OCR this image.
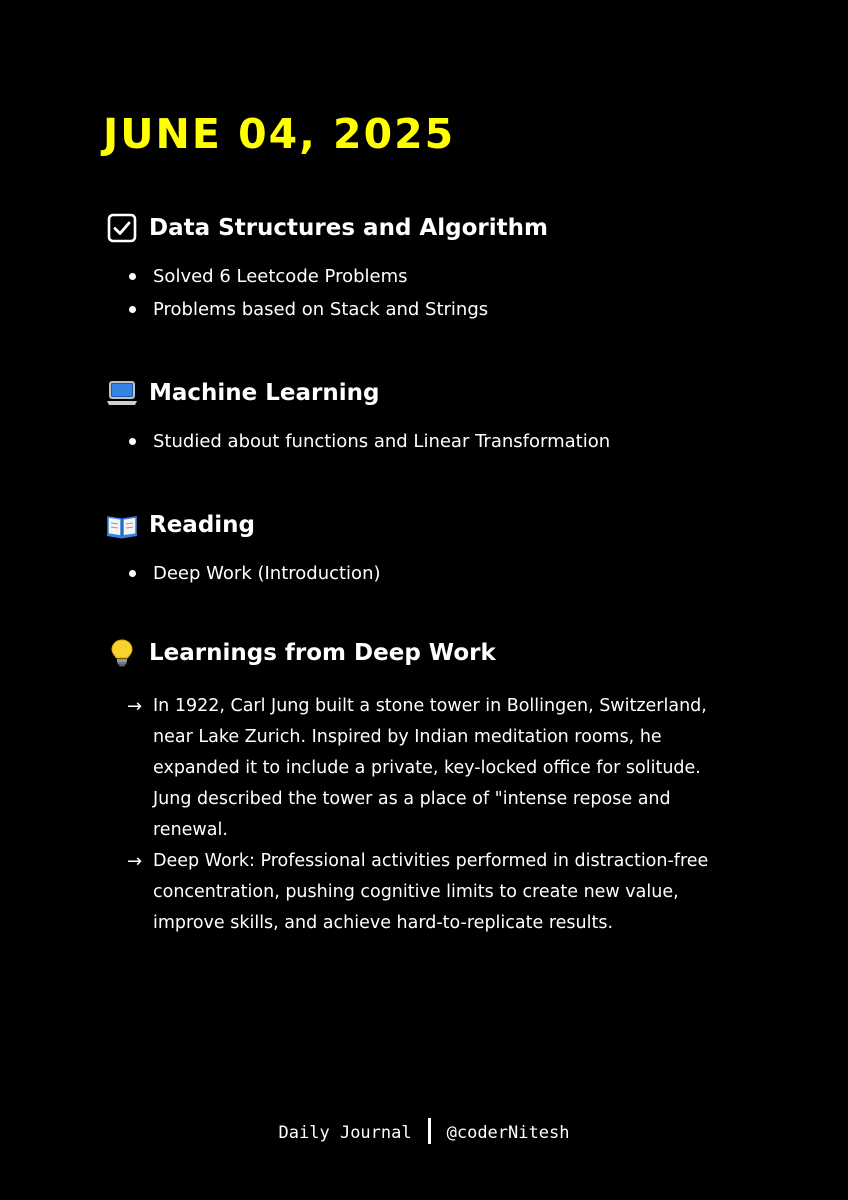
JUNE 04, 2025
Data Structures and Algorithm
Solved 6 Leetcode Problems
Problems based on Stack and Strings
Machine Learning
Studied about functions and Linear Transformation
Reading
Deep Work (Introduction)
Learnings from Deep Work
→ In 1922, Carl Jung built a stone tower in Bollingen, Switzerland, near Lake Zurich. Inspired by Indian meditation rooms, he expanded it to include a private, key-locked office for solitude. Jung described the tower as a place of "intense repose and renewal.
→ Deep Work: Professional activities performed in distraction-free concentration, pushing cognitive limits to create new value, improve skills, and achieve hard-to-replicate results.
Daily Journal @coderNitesh
